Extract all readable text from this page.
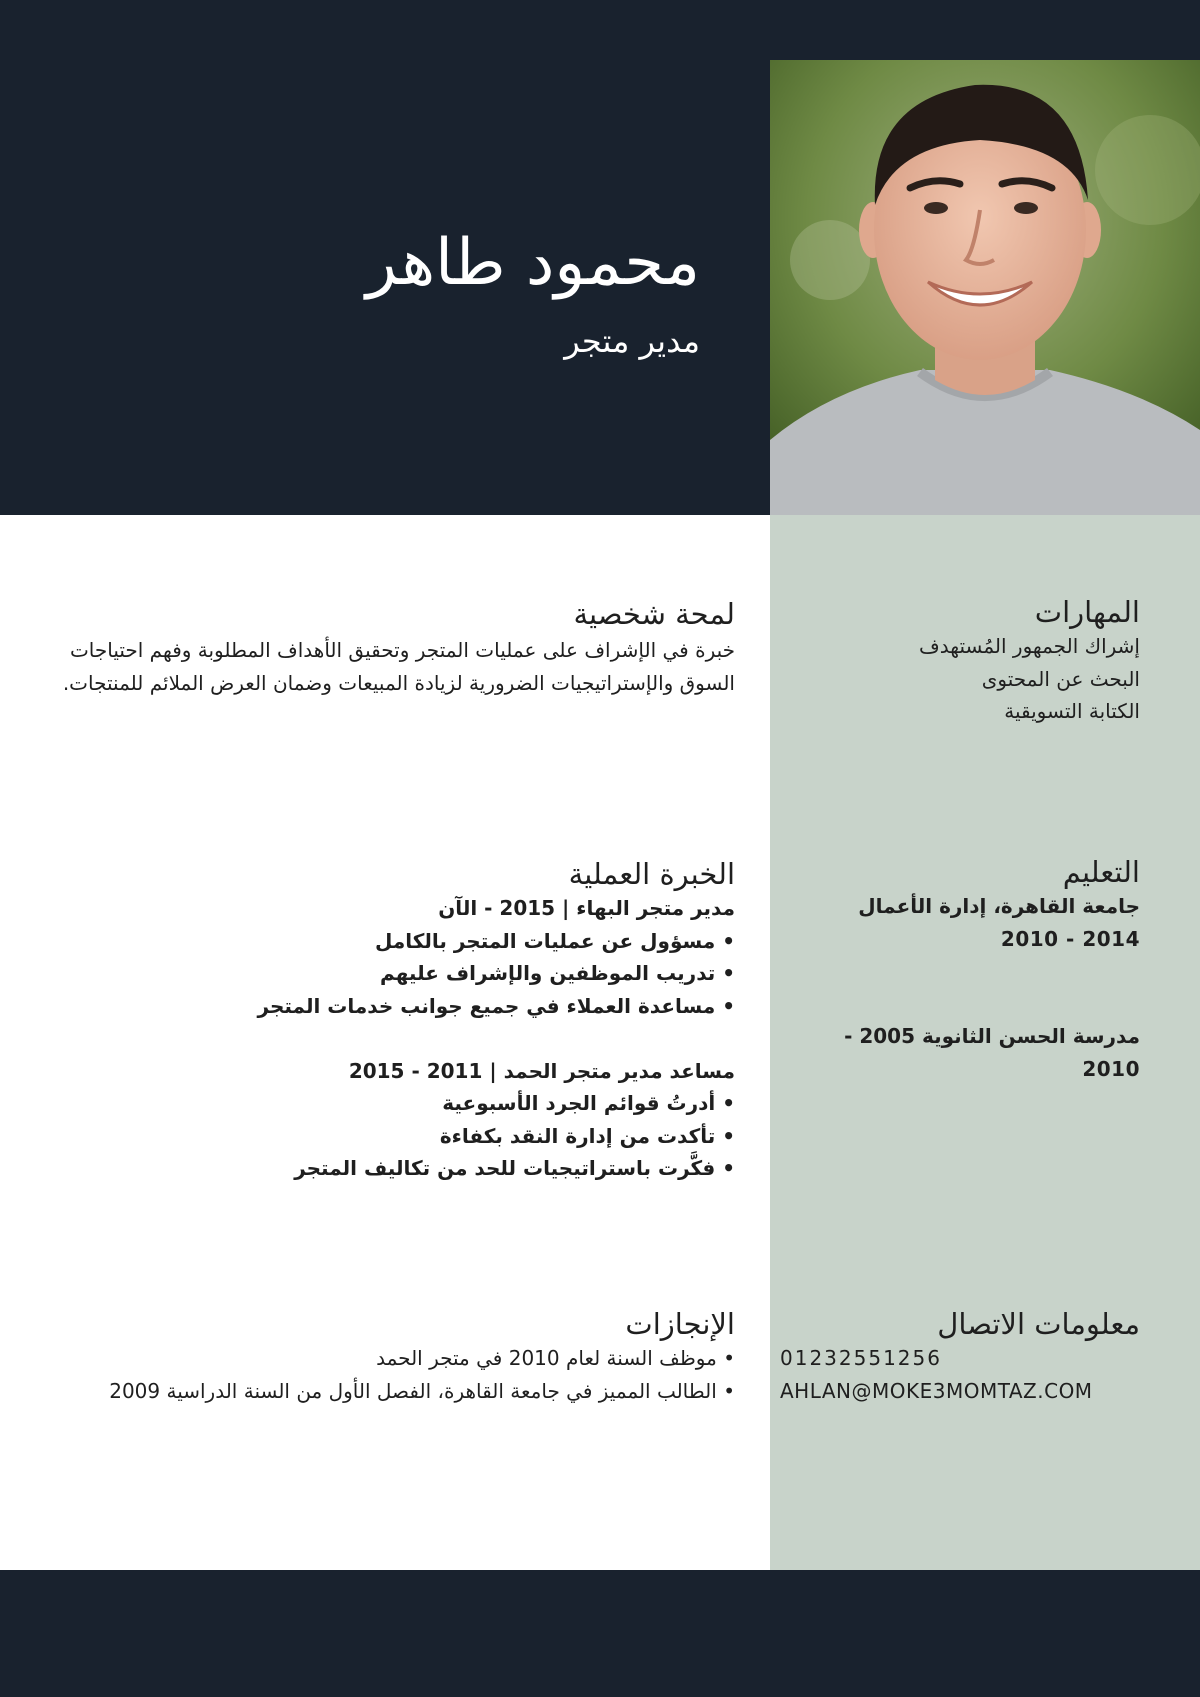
محمود طاهر
مدير متجر
لمحة شخصية

خبرة في الإشراف على عمليات المتجر وتحقيق الأهداف المطلوبة وفهم احتياجات السوق والإستراتيجيات الضرورية لزيادة المبيعات وضمان العرض الملائم للمنتجات.

المهارات
إشراك الجمهور المُستهدف
البحث عن المحتوى
الكتابة التسويقية
الخبرة العملية
مدير متجر البهاء | 2015 - الآن
• مسؤول عن عمليات المتجر بالكامل
• تدريب الموظفين والإشراف عليهم
• مساعدة العملاء في جميع جوانب خدمات المتجر
مساعد مدير متجر الحمد | 2011 - 2015
• أدرتُ قوائم الجرد الأسبوعية
• تأكدت من إدارة النقد بكفاءة
• فكَّرت باستراتيجيات للحد من تكاليف المتجر
التعليم
جامعة القاهرة، إدارة الأعمال
2014 - 2010
مدرسة الحسن الثانوية 2005 -
2010
الإنجازات
• موظف السنة لعام 2010 في متجر الحمد
• الطالب المميز في جامعة القاهرة، الفصل الأول من السنة الدراسية 2009
معلومات الاتصال
01232551256
AHLAN@MOKE3MOMTAZ.COM
